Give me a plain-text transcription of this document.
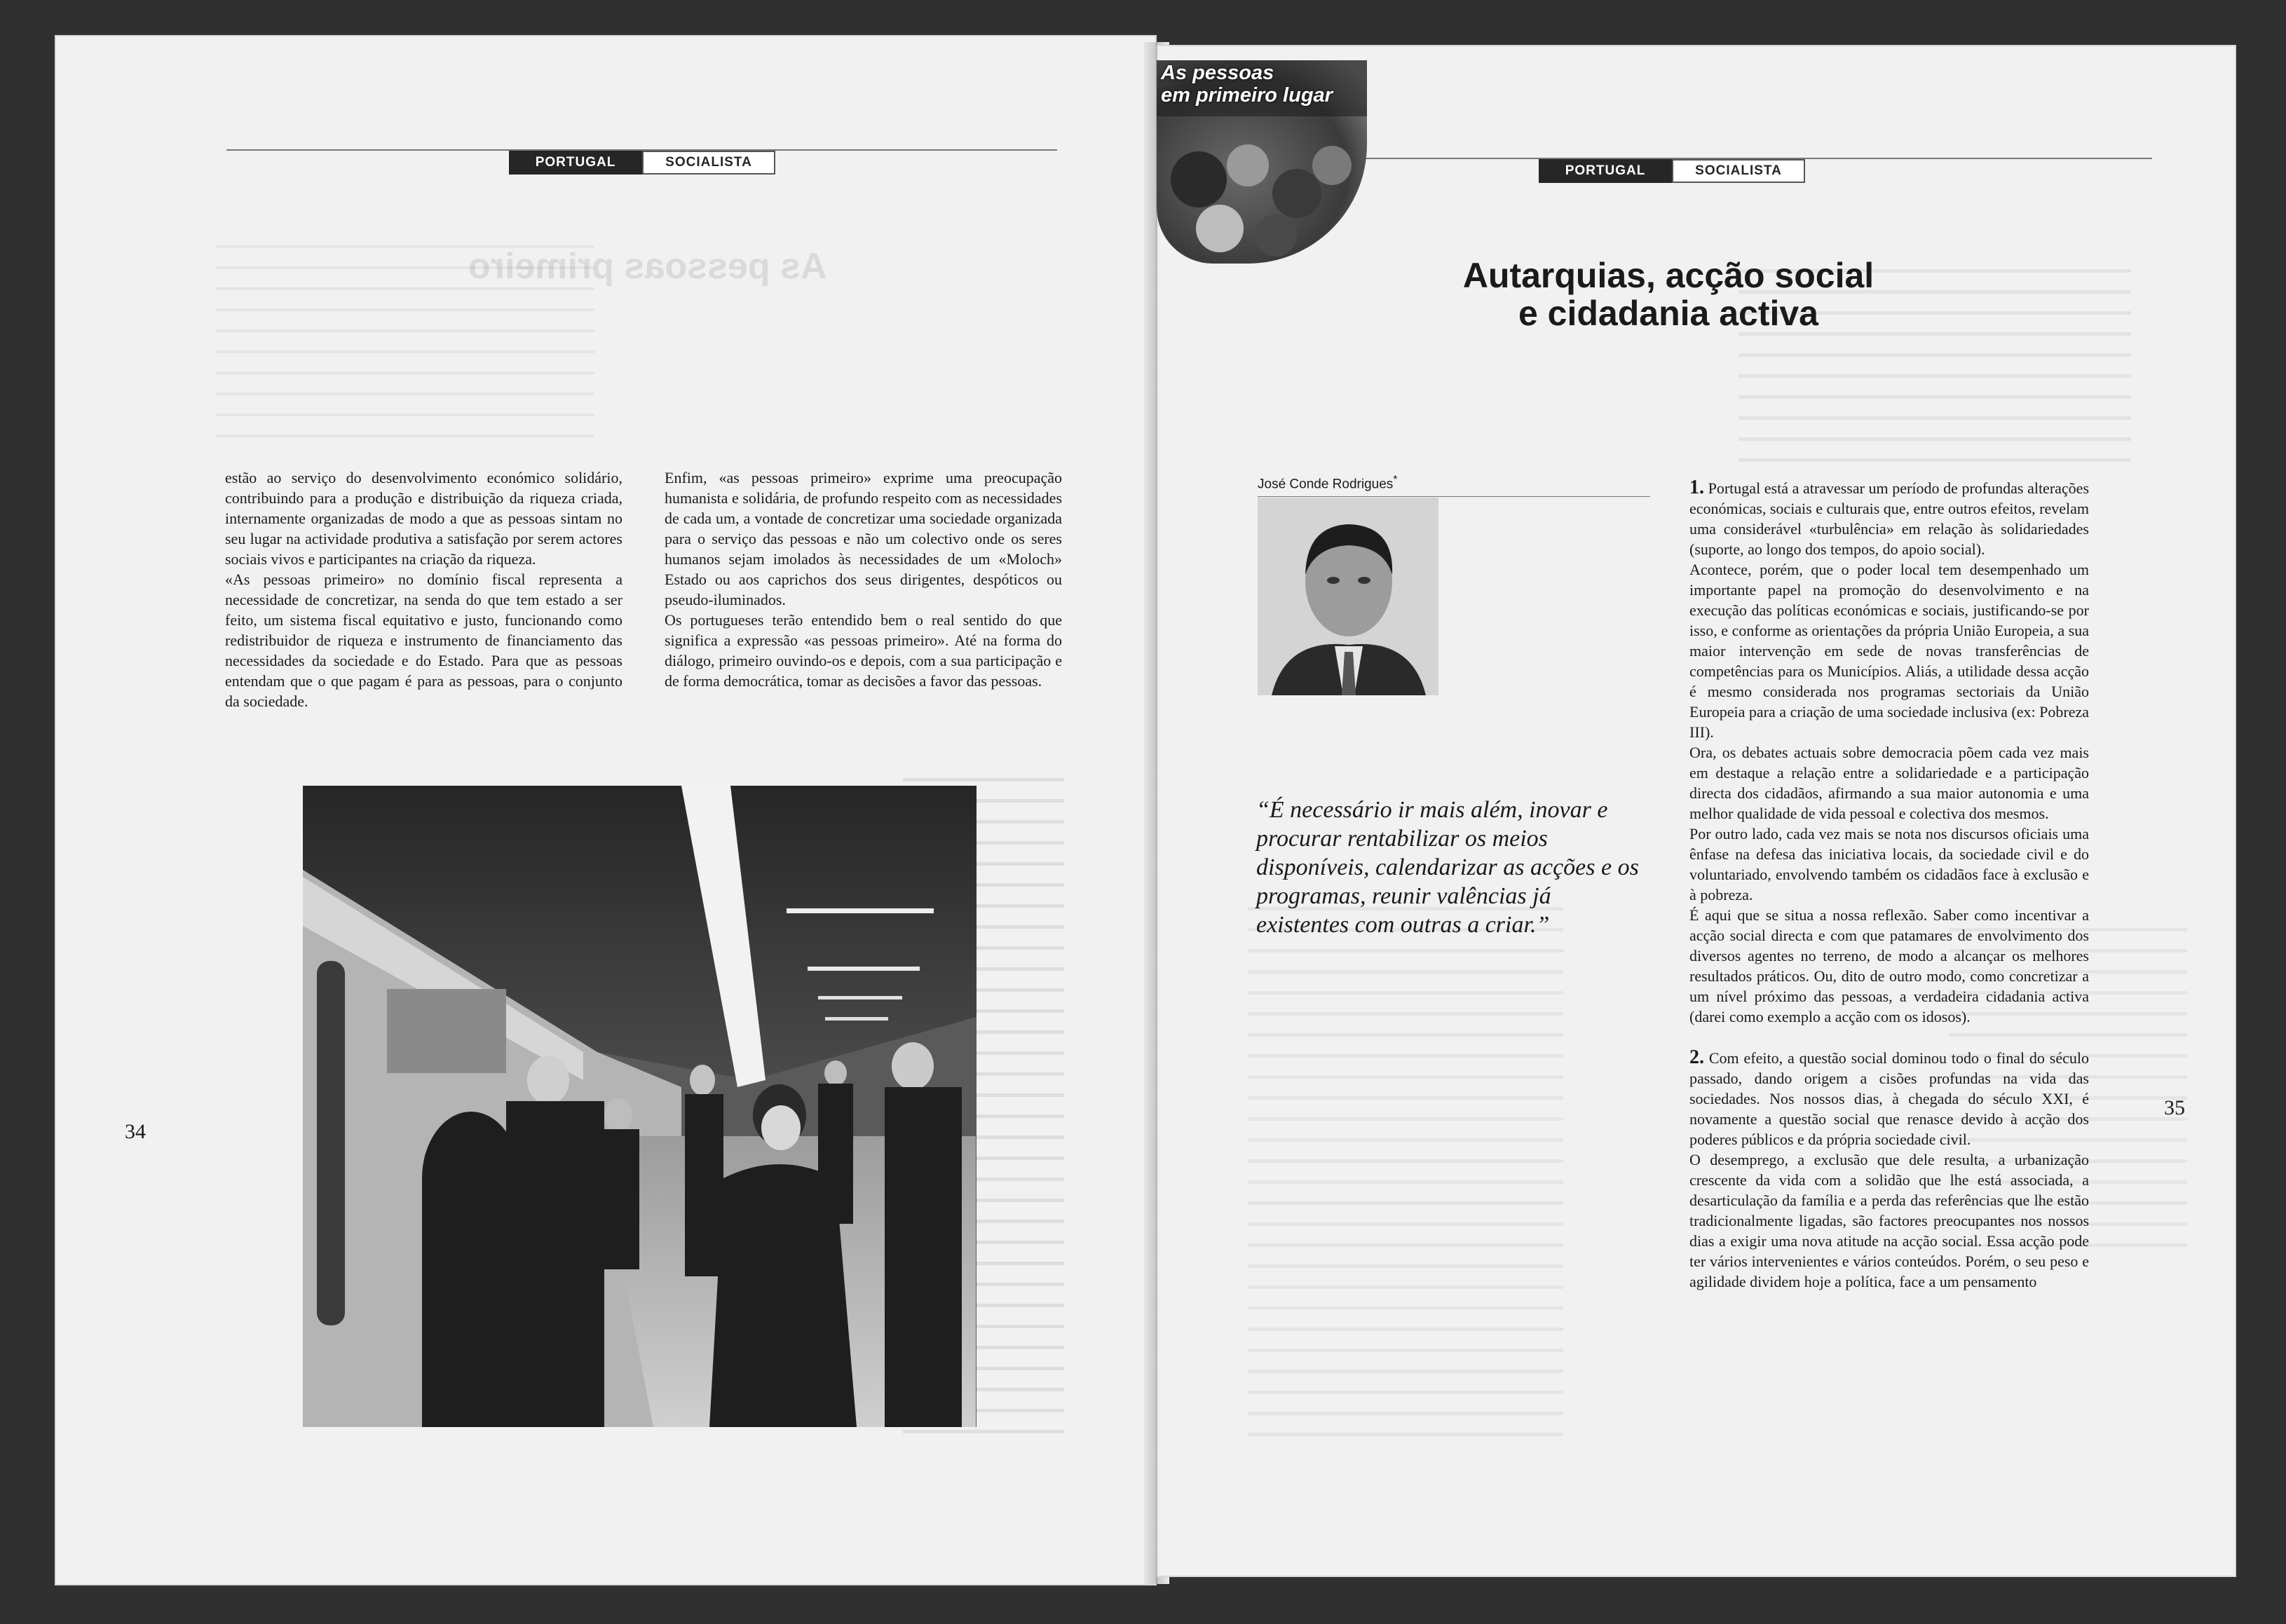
As pessoas primeiro
PORTUGAL	SOCIALISTA

estão ao serviço do desenvolvimento económico solidário, contribuindo para a produção e distribuição da riqueza criada, internamente organizadas de modo a que as pessoas sintam no seu lugar na actividade produtiva a satisfação por serem actores sociais vivos e participantes na criação da riqueza.

«As pessoas primeiro» no domínio fiscal representa a necessidade de concretizar, na senda do que tem estado a ser feito, um sistema fiscal equitativo e justo, funcionando como redistribuidor de riqueza e instrumento de financiamento das necessidades da sociedade e do Estado. Para que as pessoas entendam que o que pagam é para as pessoas, para o conjunto da sociedade.

Enfim, «as pessoas primeiro» exprime uma preocupação humanista e solidária, de profundo respeito com as necessidades de cada um, a vontade de concretizar uma sociedade organizada para o serviço das pessoas e não um colectivo onde os seres humanos sejam imolados às necessidades de um «Moloch» Estado ou aos caprichos dos seus dirigentes, despóticos ou pseudo-iluminados.

Os portugueses terão entendido bem o real sentido do que significa a expressão «as pessoas primeiro». Até na forma do diálogo, primeiro ouvindo-os e depois, com a sua participação e de forma democrática, tomar as decisões a favor das pessoas.

34
PORTUGAL	SOCIALISTA
Autarquias, acção social
e cidadania activa
José Conde Rodrigues*
“É necessário ir mais além, inovar e procurar rentabilizar os meios disponíveis, calendarizar as acções e os programas, reunir valências já existentes com outras a criar.”

1. Portugal está a atravessar um período de profundas alterações económicas, sociais e culturais que, entre outros efeitos, revelam uma considerável «turbulência» em relação às solidariedades (suporte, ao longo dos tempos, do apoio social).

Acontece, porém, que o poder local tem desempenhado um importante papel na promoção do desenvolvimento e na execução das políticas económicas e sociais, justificando-se por isso, e conforme as orientações da própria União Europeia, a sua maior intervenção em sede de novas transferências de competências para os Municípios. Aliás, a utilidade dessa acção é mesmo considerada nos programas sectoriais da União Europeia para a criação de uma sociedade inclusiva (ex: Pobreza III).

Ora, os debates actuais sobre democracia põem cada vez mais em destaque a relação entre a solidariedade e a participação directa dos cidadãos, afirmando a sua maior autonomia e uma melhor qualidade de vida pessoal e colectiva dos mesmos.

Por outro lado, cada vez mais se nota nos discursos oficiais uma ênfase na defesa das iniciativa locais, da sociedade civil e do voluntariado, envolvendo também os cidadãos face à exclusão e à pobreza.

É aqui que se situa a nossa reflexão. Saber como incentivar a acção social directa e com que patamares de envolvimento dos diversos agentes no terreno, de modo a alcançar os melhores resultados práticos. Ou, dito de outro modo, como concretizar a um nível próximo das pessoas, a verdadeira cidadania activa (darei como exemplo a acção com os idosos).

2. Com efeito, a questão social dominou todo o final do século passado, dando origem a cisões profundas na vida das sociedades. Nos nossos dias, à chegada do século XXI, é novamente a questão social que renasce devido à acção dos poderes públicos e da própria sociedade civil.

O desemprego, a exclusão que dele resulta, a urbanização crescente da vida com a solidão que lhe está associada, a desarticulação da família e a perda das referências que lhe estão tradicionalmente ligadas, são factores preocupantes nos nossos dias a exigir uma nova atitude na acção social. Essa acção pode ter vários intervenientes e vários conteúdos. Porém, o seu peso e agilidade dividem hoje a política, face a um pensamento

35
As pessoas
em primeiro lugar
